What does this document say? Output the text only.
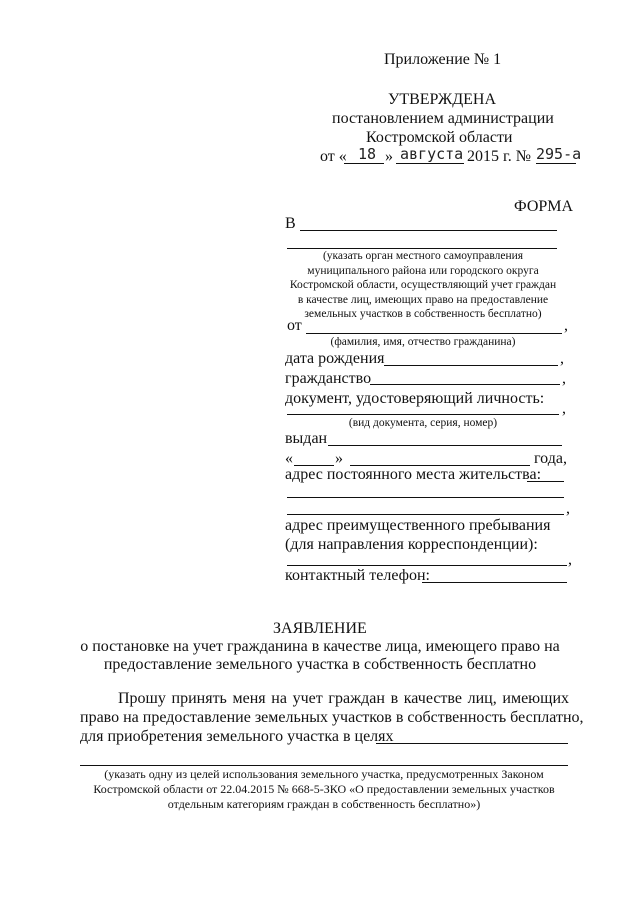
Приложение № 1
УТВЕРЖДЕНА
постановлением администрации
Костромской области
от « 18 » августа 2015 г. № 295-а
ФОРМА
В
(указать орган местного самоуправления
муниципального района или городского округа
Костромской области, осуществляющий учет граждан
в качестве лиц, имеющих право на предоставление
земельных участков в собственность бесплатно)
от	,
(фамилия, имя, отчество гражданина)
дата рождения	,
гражданство	,
документ, удостоверяющий личность:
,
(вид документа, серия, номер)
выдан
«	»	года,
адрес постоянного места жительства:
,
адрес преимущественного пребывания
(для направления корреспонденции):
,
контактный телефон:
ЗАЯВЛЕНИЕ
о постановке на учет гражданина в качестве лица, имеющего право на
предоставление земельного участка в собственность бесплатно
Прошу принять меня на учет граждан в качестве лиц, имеющих
право на предоставление земельных участков в собственность бесплатно,
для приобретения земельного участка в целях
(указать одну из целей использования земельного участка, предусмотренных Законом
Костромской области от 22.04.2015 № 668-5-ЗКО «О предоставлении земельных участков
отдельным категориям граждан в собственность бесплатно»)
